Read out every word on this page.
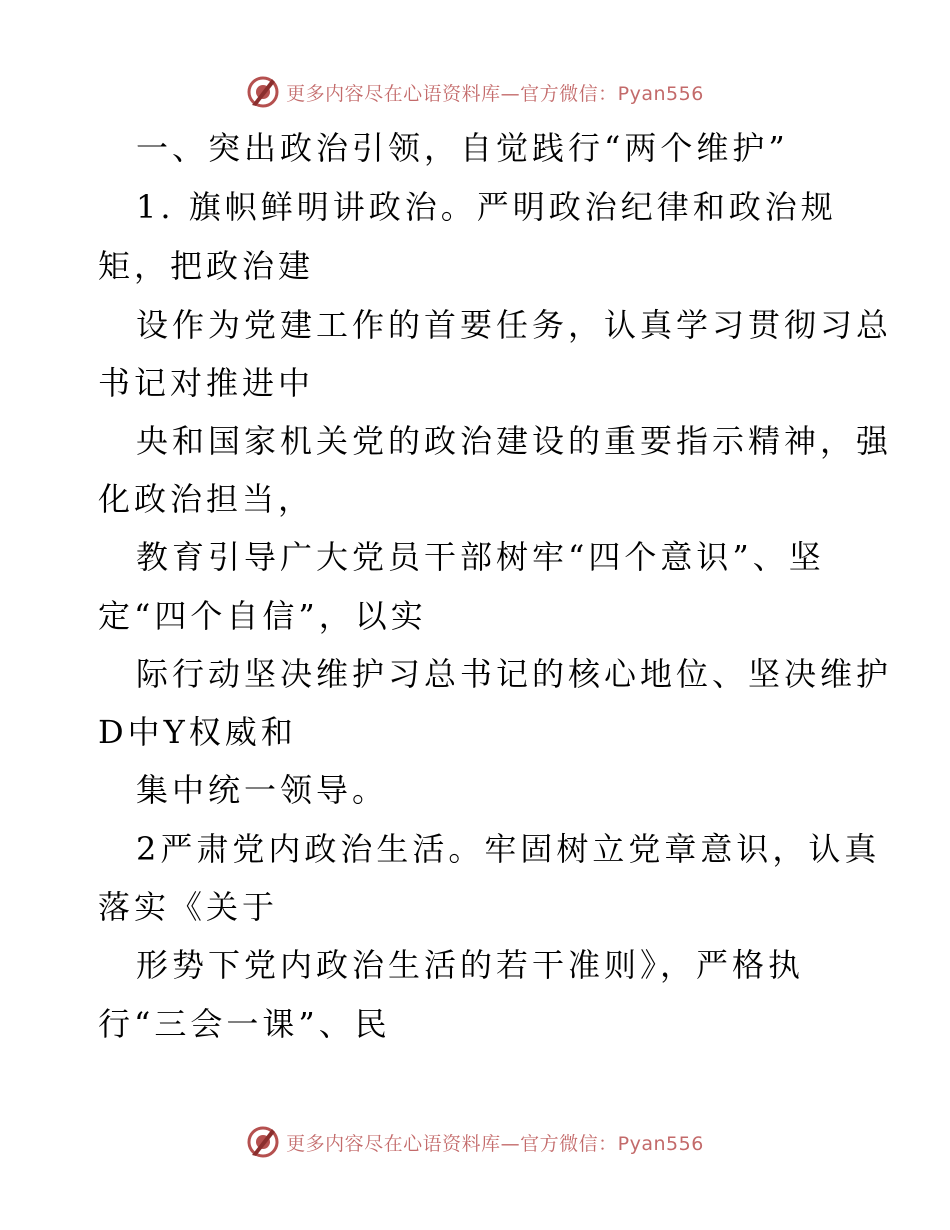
更多内容尽在心语资料库—官方微信：Pyan556
一、突出政治引领，自觉践行“两个维护”
1. 旗帜鲜明讲政治。严明政治纪律和政治规
矩，把政治建
设作为党建工作的首要任务，认真学习贯彻习总
书记对推进中
央和国家机关党的政治建设的重要指示精神，强
化政治担当，
教育引导广大党员干部树牢“四个意识”、坚
定“四个自信”，以实
际行动坚决维护习总书记的核心地位、坚决维护
D中Y权威和
集中统一领导。
2严肃党内政治生活。牢固树立党章意识，认真
落实《关于
形势下党内政治生活的若干准则》，严格执
行“三会一课”、民
更多内容尽在心语资料库—官方微信：Pyan556
